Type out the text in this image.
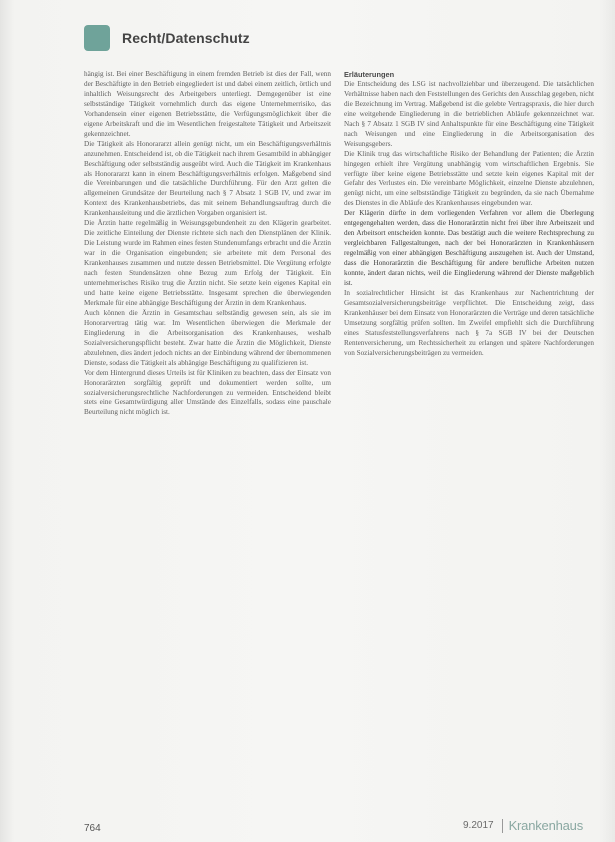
Recht/Datenschutz

hängig ist. Bei einer Beschäftigung in einem fremden Betrieb ist dies der Fall, wenn der Beschäftigte in den Betrieb eingegliedert ist und dabei einem zeitlich, örtlich und inhaltlich Weisungsrecht des Arbeitgebers unterliegt. Demgegenüber ist eine selbstständige Tätigkeit vornehmlich durch das eigene Unternehmerrisiko, das Vorhandensein einer eigenen Betriebsstätte, die Verfügungsmöglichkeit über die eigene Arbeitskraft und die im Wesentlichen freigestaltete Tätigkeit und Arbeitszeit gekennzeichnet.

Die Tätigkeit als Honorararzt allein genügt nicht, um ein Beschäftigungsverhältnis anzunehmen. Entscheidend ist, ob die Tätigkeit nach ihrem Gesamtbild in abhängiger Beschäftigung oder selbstständig ausgeübt wird. Auch die Tätigkeit im Krankenhaus als Honorararzt kann in einem Beschäftigungsverhältnis erfolgen. Maßgebend sind die Vereinbarungen und die tatsächliche Durchführung. Für den Arzt gelten die allgemeinen Grundsätze der Beurteilung nach § 7 Absatz 1 SGB IV, und zwar im Kontext des Krankenhausbetriebs, das mit seinem Behandlungsauftrag durch die Krankenhausleitung und die ärztlichen Vorgaben organisiert ist.

Die Ärztin hatte regelmäßig in Weisungsgebundenheit zu den Klägerin gearbeitet. Die zeitliche Einteilung der Dienste richtete sich nach den Dienstplänen der Klinik. Die Leistung wurde im Rahmen eines festen Stundenumfangs erbracht und die Ärztin war in die Organisation eingebunden; sie arbeitete mit dem Personal des Krankenhauses zusammen und nutzte dessen Betriebsmittel. Die Vergütung erfolgte nach festen Stundensätzen ohne Bezug zum Erfolg der Tätigkeit. Ein unternehmerisches Risiko trug die Ärztin nicht. Sie setzte kein eigenes Kapital ein und hatte keine eigene Betriebsstätte. Insgesamt sprechen die überwiegenden Merkmale für eine abhängige Beschäftigung der Ärztin in dem Krankenhaus.

Auch können die Ärztin in Gesamtschau selbständig gewesen sein, als sie im Honorarvertrag tätig war. Im Wesentlichen überwiegen die Merkmale der Eingliederung in die Arbeitsorganisation des Krankenhauses, weshalb Sozialversicherungspflicht besteht. Zwar hatte die Ärztin die Möglichkeit, Dienste abzulehnen, dies ändert jedoch nichts an der Einbindung während der übernommenen Dienste, sodass die Tätigkeit als abhängige Beschäftigung zu qualifizieren ist.

Vor dem Hintergrund dieses Urteils ist für Kliniken zu beachten, dass der Einsatz von Honorarärzten sorgfältig geprüft und dokumentiert werden sollte, um sozialversicherungsrechtliche Nachforderungen zu vermeiden. Entscheidend bleibt stets eine Gesamtwürdigung aller Umstände des Einzelfalls, sodass eine pauschale Beurteilung nicht möglich ist.

Erläuterungen

Die Entscheidung des LSG ist nachvollziehbar und überzeugend. Die tatsächlichen Verhältnisse haben nach den Feststellungen des Gerichts den Ausschlag gegeben, nicht die Bezeichnung im Vertrag. Maßgebend ist die gelebte Vertragspraxis, die hier durch eine weitgehende Eingliederung in die betrieblichen Abläufe gekennzeichnet war. Nach § 7 Absatz 1 SGB IV sind Anhaltspunkte für eine Beschäftigung eine Tätigkeit nach Weisungen und eine Eingliederung in die Arbeitsorganisation des Weisungsgebers.

Die Klinik trug das wirtschaftliche Risiko der Behandlung der Patienten; die Ärztin hingegen erhielt ihre Vergütung unabhängig vom wirtschaftlichen Ergebnis. Sie verfügte über keine eigene Betriebsstätte und setzte kein eigenes Kapital mit der Gefahr des Verlustes ein. Die vereinbarte Möglichkeit, einzelne Dienste abzulehnen, genügt nicht, um eine selbstständige Tätigkeit zu begründen, da sie nach Übernahme des Dienstes in die Abläufe des Krankenhauses eingebunden war.

Der Klägerin dürfte in dem vorliegenden Verfahren vor allem die Überlegung entgegengehalten werden, dass die Honorarärztin nicht frei über ihre Arbeitszeit und den Arbeitsort entscheiden konnte. Das bestätigt auch die weitere Rechtsprechung zu vergleichbaren Fallgestaltungen, nach der bei Honorarärzten in Krankenhäusern regelmäßig von einer abhängigen Beschäftigung auszugehen ist. Auch der Umstand, dass die Honorarärztin die Beschäftigung für andere berufliche Arbeiten nutzen konnte, ändert daran nichts, weil die Eingliederung während der Dienste maßgeblich ist.

In sozialrechtlicher Hinsicht ist das Krankenhaus zur Nachentrichtung der Gesamtsozialversicherungsbeiträge verpflichtet. Die Entscheidung zeigt, dass Krankenhäuser bei dem Einsatz von Honorarärzten die Verträge und deren tatsächliche Umsetzung sorgfältig prüfen sollten. Im Zweifel empfiehlt sich die Durchführung eines Statusfeststellungsverfahrens nach § 7a SGB IV bei der Deutschen Rentenversicherung, um Rechtssicherheit zu erlangen und spätere Nachforderungen von Sozialversicherungsbeiträgen zu vermeiden.

764	9.2017 Krankenhaus
